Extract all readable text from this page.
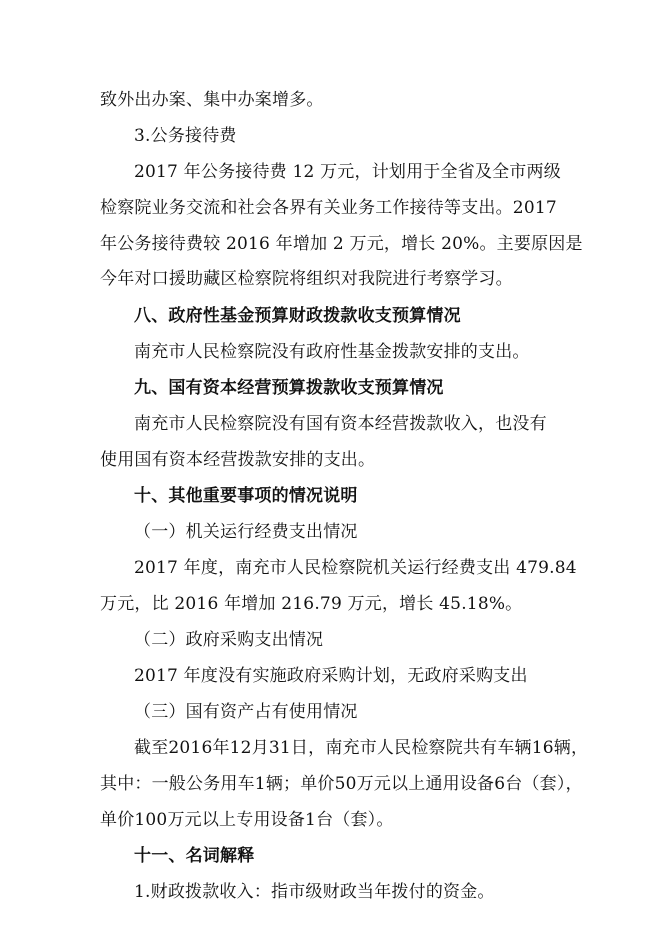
致外出办案、集中办案增多。
3.公务接待费
2017 年公务接待费 12 万元，计划用于全省及全市两级
检察院业务交流和社会各界有关业务工作接待等支出。2017
年公务接待费较 2016 年增加 2 万元，增长 20%。主要原因是
今年对口援助藏区检察院将组织对我院进行考察学习。
八、政府性基金预算财政拨款收支预算情况
南充市人民检察院没有政府性基金拨款安排的支出。
九、国有资本经营预算拨款收支预算情况
南充市人民检察院没有国有资本经营拨款收入，也没有
使用国有资本经营拨款安排的支出。
十、其他重要事项的情况说明
（一）机关运行经费支出情况
2017 年度，南充市人民检察院机关运行经费支出 479.84
万元，比 2016 年增加 216.79 万元，增长 45.18%。
（二）政府采购支出情况
2017 年度没有实施政府采购计划，无政府采购支出
（三）国有资产占有使用情况
截至2016年12月31日，南充市人民检察院共有车辆16辆，
其中：一般公务用车1辆；单价50万元以上通用设备6台（套），
单价100万元以上专用设备1台（套）。
十一、名词解释
1.财政拨款收入：指市级财政当年拨付的资金。
